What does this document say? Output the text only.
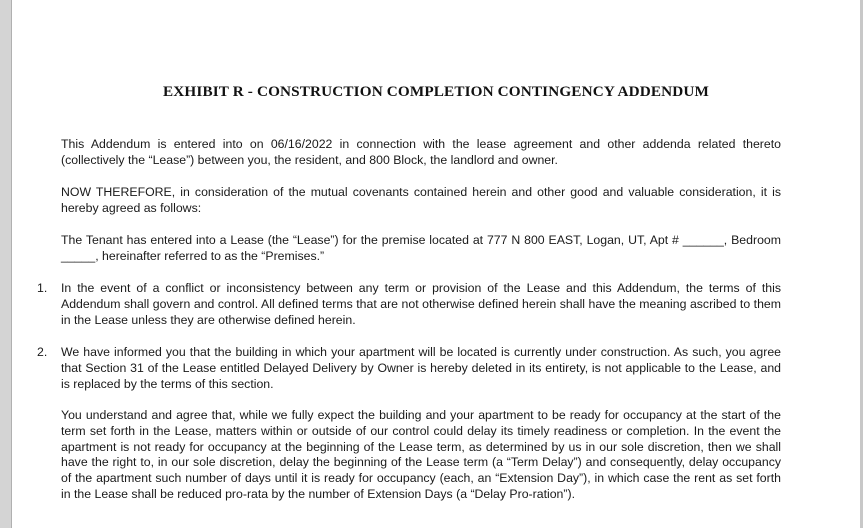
EXHIBIT R - CONSTRUCTION COMPLETION CONTINGENCY ADDENDUM

This Addendum is entered into on 06/16/2022 in connection with the lease agreement and other addenda related thereto (collectively the “Lease”) between you, the resident, and 800 Block, the landlord and owner.

NOW THEREFORE, in consideration of the mutual covenants contained herein and other good and valuable consideration, it is hereby agreed as follows:

The Tenant has entered into a Lease (the “Lease”) for the premise located at 777 N 800 EAST, Logan, UT, Apt # ______, Bedroom _____, hereinafter referred to as the “Premises.”

1. In the event of a conflict or inconsistency between any term or provision of the Lease and this Addendum, the terms of this Addendum shall govern and control. All defined terms that are not otherwise defined herein shall have the meaning ascribed to them in the Lease unless they are otherwise defined herein.

2. We have informed you that the building in which your apartment will be located is currently under construction. As such, you agree that Section 31 of the Lease entitled Delayed Delivery by Owner is hereby deleted in its entirety, is not applicable to the Lease, and is replaced by the terms of this section.

You understand and agree that, while we fully expect the building and your apartment to be ready for occupancy at the start of the term set forth in the Lease, matters within or outside of our control could delay its timely readiness or completion. In the event the apartment is not ready for occupancy at the beginning of the Lease term, as determined by us in our sole discretion, then we shall have the right to, in our sole discretion, delay the beginning of the Lease term (a “Term Delay”) and consequently, delay occupancy of the apartment such number of days until it is ready for occupancy (each, an “Extension Day”), in which case the rent as set forth in the Lease shall be reduced pro-rata by the number of Extension Days (a “Delay Pro-ration”).
